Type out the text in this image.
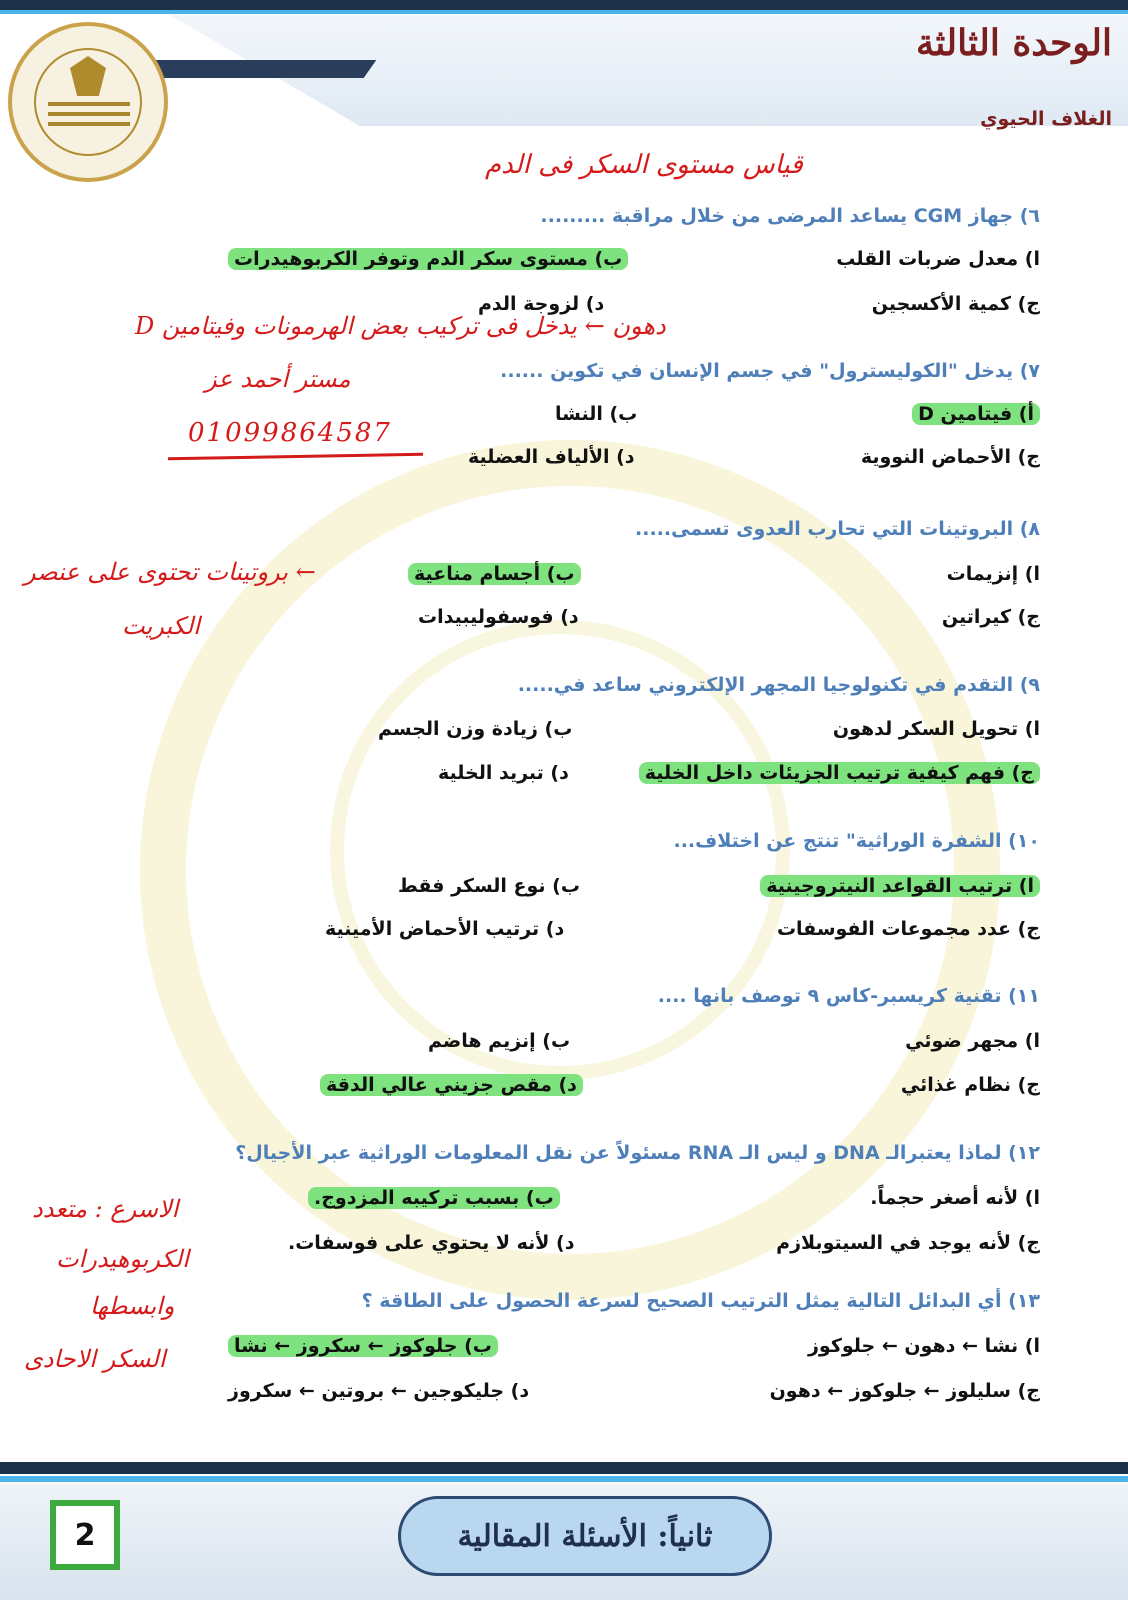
الوحدة الثالثة
الغلاف الحيوي
قياس مستوى السكر فى الدم
٦) جهاز CGM يساعد المرضى من خلال مراقبة .........
ا) معدل ضربات القلب
ب) مستوى سكر الدم وتوفر الكربوهيدرات
ج) كمية الأكسجين
د) لزوجة الدم
دهون ← يدخل فى تركيب بعض الهرمونات وفيتامين D
مستر أحمد عز
01099864587
٧) يدخل "الكوليسترول" في جسم الإنسان في تكوين ......
أ) فيتامين D
ب) النشا
ج) الأحماض النووية
د) الألياف العضلية
٨) البروتينات التي تحارب العدوى تسمى.....
ا) إنزيمات
ب) أجسام مناعية
ج) كيراتين
د) فوسفوليبيدات
← بروتينات تحتوى على عنصر
الكبريت
٩) التقدم في تكنولوجيا المجهر الإلكتروني ساعد في.....
ا) تحويل السكر لدهون
ب) زيادة وزن الجسم
ج) فهم كيفية ترتيب الجزيئات داخل الخلية
د) تبريد الخلية
١٠) الشفرة الوراثية" تنتج عن اختلاف...
ا) ترتيب القواعد النيتروجينية
ب) نوع السكر فقط
ج) عدد مجموعات الفوسفات
د) ترتيب الأحماض الأمينية
١١) تقنية كريسبر-كاس ٩ توصف بانها ....
ا) مجهر ضوئي
ب) إنزيم هاضم
ج) نظام غذائي
د) مقص جزيني عالي الدقة
١٢) لماذا يعتبرالـ DNA و ليس الـ RNA مسئولاً عن نقل المعلومات الوراثية عبر الأجيال؟
ا) لأنه أصغر حجماً.
ب) بسبب تركيبه المزدوج.
ج) لأنه يوجد في السيتوبلازم
د) لأنه لا يحتوي على فوسفات.
١٣) أي البدائل التالية يمثل الترتيب الصحيح لسرعة الحصول على الطاقة ؟
ا) نشا ← دهون ← جلوكوز
ب) جلوكوز ← سكروز ← نشا
ج) سليلوز ← جلوكوز ← دهون
د) جليكوجين ← بروتين ← سكروز
الاسرع : متعدد
الكربوهيدرات
وابسطها
السكر الاحادى
2	ثانياً: الأسئلة المقالية
